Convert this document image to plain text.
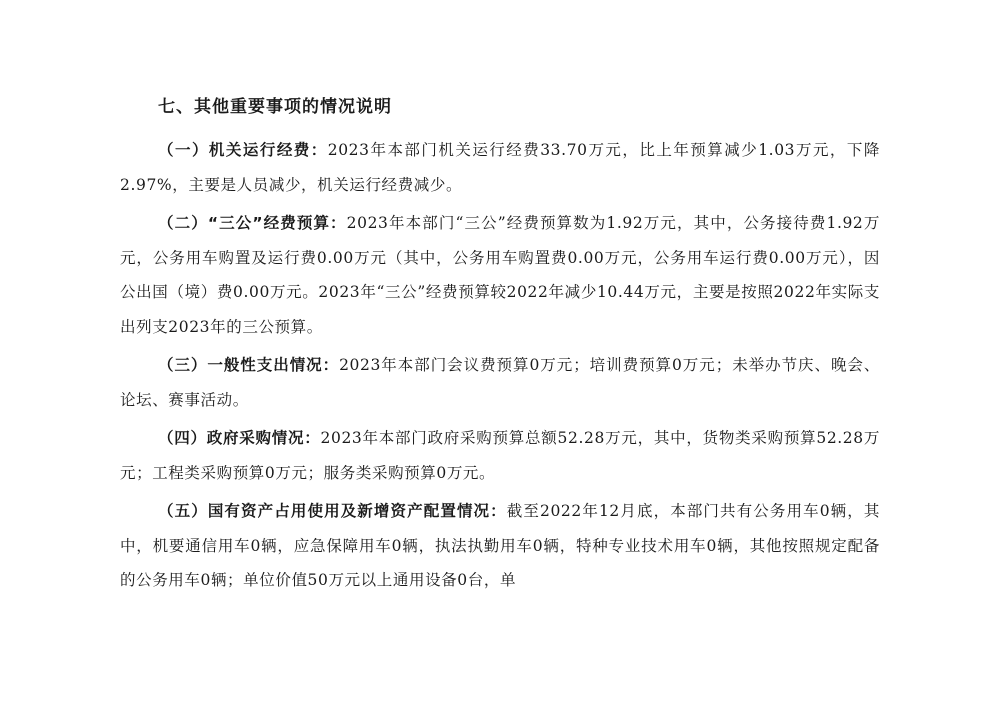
七、其他重要事项的情况说明

（一）机关运行经费：2023年本部门机关运行经费33.70万元，比上年预算减少1.03万元，下降2.97%，主要是人员减少，机关运行经费减少。

（二）“三公”经费预算：2023年本部门“三公”经费预算数为1.92万元，其中，公务接待费1.92万元，公务用车购置及运行费0.00万元（其中，公务用车购置费0.00万元，公务用车运行费0.00万元），因公出国（境）费0.00万元。2023年“三公”经费预算较2022年减少10.44万元，主要是按照2022年实际支出列支2023年的三公预算。

（三）一般性支出情况：2023年本部门会议费预算0万元；培训费预算0万元；未举办节庆、晚会、论坛、赛事活动。

（四）政府采购情况：2023年本部门政府采购预算总额52.28万元，其中，货物类采购预算52.28万元；工程类采购预算0万元；服务类采购预算0万元。

（五）国有资产占用使用及新增资产配置情况：截至2022年12月底，本部门共有公务用车0辆，其中，机要通信用车0辆，应急保障用车0辆，执法执勤用车0辆，特种专业技术用车0辆，其他按照规定配备的公务用车0辆；单位价值50万元以上通用设备0台，单
